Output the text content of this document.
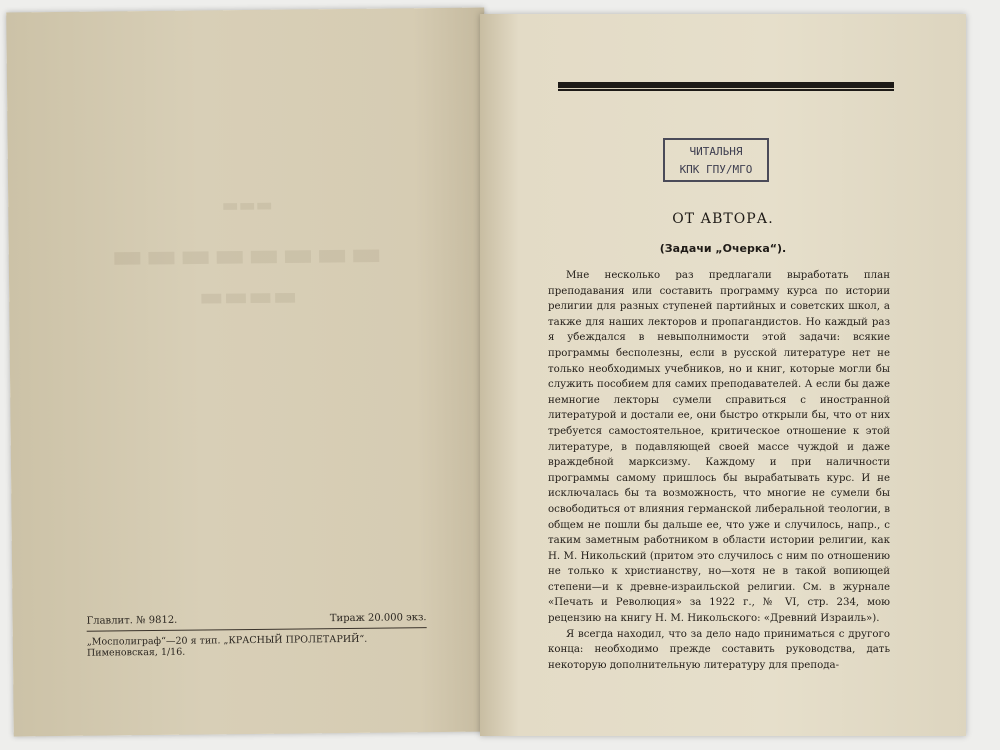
▬▬▬
▬▬▬▬▬▬▬▬
▬▬▬▬
Главлит. № 9812.	Тираж 20.000 экз.
„Мосполиграф“—20 я тип. „КРАСНЫЙ ПРОЛЕТАРИЙ“. Пименовская, 1/16.
ЧИТАЛЬНЯ
КПК ГПУ/МГО
ОТ АВТОРА.
(Задачи „Очерка“).

Мне несколько раз предлагали выработать план преподавания или составить программу курса по истории религии для разных ступеней партийных и советских школ, а также для наших лекторов и пропагандистов. Но каждый раз я убеждался в невыполнимости этой задачи: всякие программы бесполезны, если в русской литературе нет не только необходимых учебников, но и книг, которые могли бы служить пособием для самих преподавателей. А если бы даже немногие лекторы сумели справиться с иностранной литературой и достали ее, они быстро открыли бы, что от них требуется самостоятельное, критическое отношение к этой литературе, в подавляющей своей массе чуждой и даже враждебной марксизму. Каждому и при наличности программы самому пришлось бы вырабатывать курс. И не исключалась бы та возможность, что многие не сумели бы освободиться от влияния германской либеральной теологии, в общем не пошли бы дальше ее, что уже и случилось, напр., с таким заметным работником в области истории религии, как Н. М. Никольский (притом это случилось с ним по отношению не только к христианству, но—хотя не в такой вопиющей степени—и к древне-израильской религии. См. в журнале «Печать и Революция» за 1922 г., № VI, стр. 234, мою рецензию на книгу Н. М. Никольского: «Древний Израиль»).

Я всегда находил, что за дело надо приниматься с другого конца: необходимо прежде составить руководства, дать некоторую дополнительную литературу для препода-
